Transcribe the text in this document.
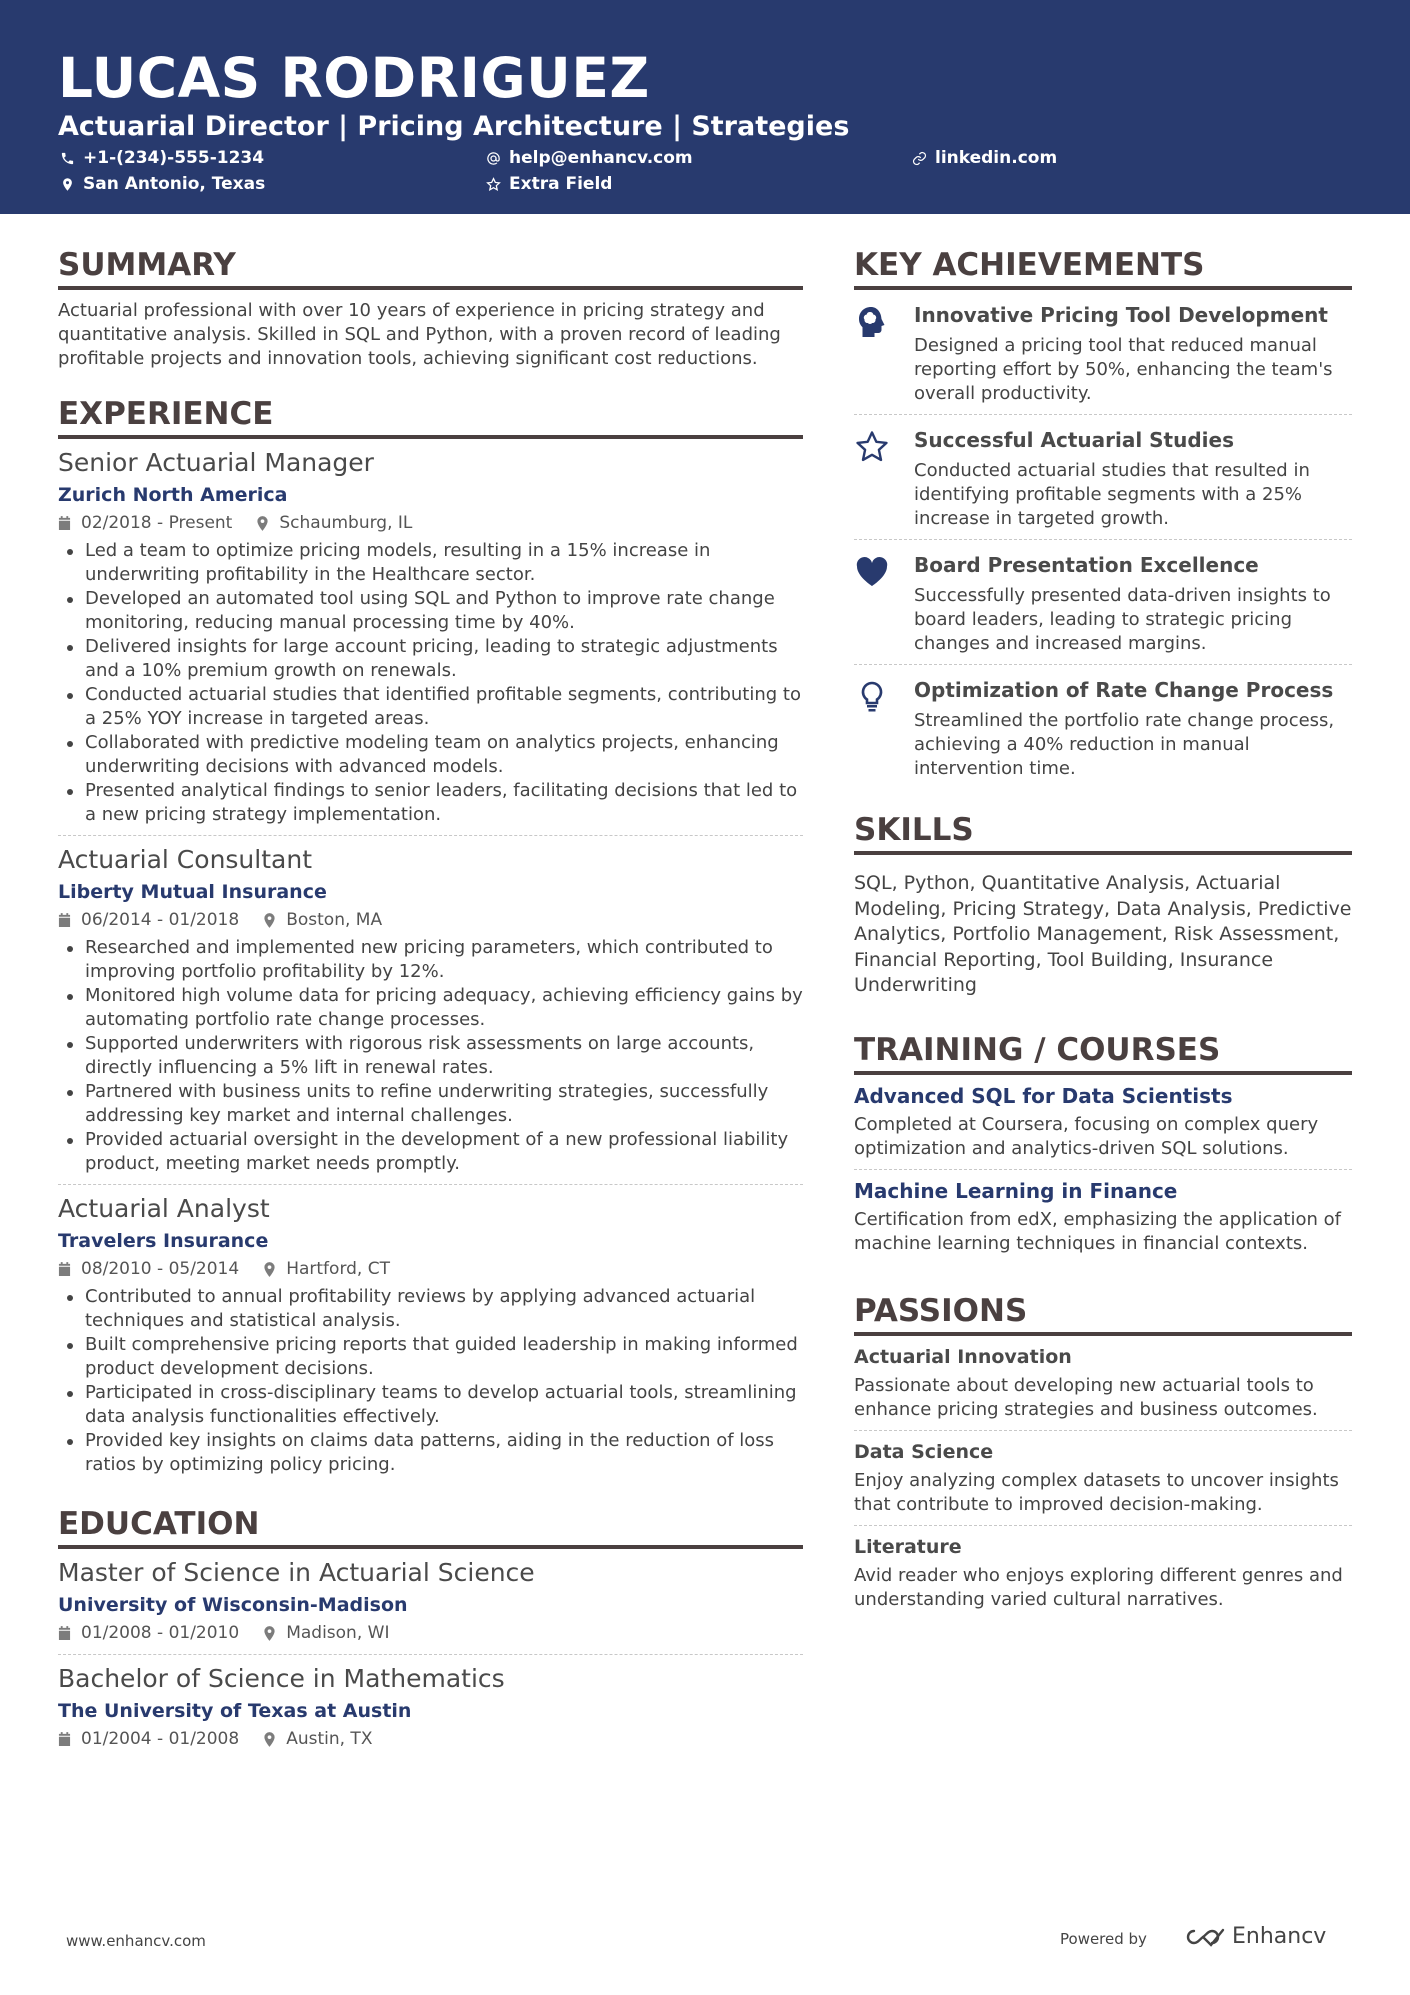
LUCAS RODRIGUEZ
Actuarial Director | Pricing Architecture | Strategies
+1-(234)-555-1234	help@enhancv.com	linkedin.com
San Antonio, Texas	Extra Field
SUMMARY
Actuarial professional with over 10 years of experience in pricing strategy and quantitative analysis. Skilled in SQL and Python, with a proven record of leading profitable projects and innovation tools, achieving significant cost reductions.
EXPERIENCE
Senior Actuarial Manager
Zurich North America
02/2018 - Present	Schaumburg, IL
Led a team to optimize pricing models, resulting in a 15% increase in underwriting profitability in the Healthcare sector.
Developed an automated tool using SQL and Python to improve rate change monitoring, reducing manual processing time by 40%.
Delivered insights for large account pricing, leading to strategic adjustments and a 10% premium growth on renewals.
Conducted actuarial studies that identified profitable segments, contributing to a 25% YOY increase in targeted areas.
Collaborated with predictive modeling team on analytics projects, enhancing underwriting decisions with advanced models.
Presented analytical findings to senior leaders, facilitating decisions that led to a new pricing strategy implementation.
Actuarial Consultant
Liberty Mutual Insurance
06/2014 - 01/2018	Boston, MA
Researched and implemented new pricing parameters, which contributed to improving portfolio profitability by 12%.
Monitored high volume data for pricing adequacy, achieving efficiency gains by automating portfolio rate change processes.
Supported underwriters with rigorous risk assessments on large accounts, directly influencing a 5% lift in renewal rates.
Partnered with business units to refine underwriting strategies, successfully addressing key market and internal challenges.
Provided actuarial oversight in the development of a new professional liability product, meeting market needs promptly.
Actuarial Analyst
Travelers Insurance
08/2010 - 05/2014	Hartford, CT
Contributed to annual profitability reviews by applying advanced actuarial techniques and statistical analysis.
Built comprehensive pricing reports that guided leadership in making informed product development decisions.
Participated in cross-disciplinary teams to develop actuarial tools, streamlining data analysis functionalities effectively.
Provided key insights on claims data patterns, aiding in the reduction of loss ratios by optimizing policy pricing.
EDUCATION
Master of Science in Actuarial Science
University of Wisconsin-Madison
01/2008 - 01/2010	Madison, WI
Bachelor of Science in Mathematics
The University of Texas at Austin
01/2004 - 01/2008	Austin, TX
KEY ACHIEVEMENTS
Innovative Pricing Tool Development
Designed a pricing tool that reduced manual reporting effort by 50%, enhancing the team's overall productivity.
Successful Actuarial Studies
Conducted actuarial studies that resulted in identifying profitable segments with a 25% increase in targeted growth.
Board Presentation Excellence
Successfully presented data-driven insights to board leaders, leading to strategic pricing changes and increased margins.
Optimization of Rate Change Process
Streamlined the portfolio rate change process, achieving a 40% reduction in manual intervention time.
SKILLS
SQL, Python, Quantitative Analysis, Actuarial Modeling, Pricing Strategy, Data Analysis, Predictive Analytics, Portfolio Management, Risk Assessment, Financial Reporting, Tool Building, Insurance Underwriting
TRAINING / COURSES
Advanced SQL for Data Scientists
Completed at Coursera, focusing on complex query optimization and analytics-driven SQL solutions.
Machine Learning in Finance
Certification from edX, emphasizing the application of machine learning techniques in financial contexts.
PASSIONS
Actuarial Innovation
Passionate about developing new actuarial tools to enhance pricing strategies and business outcomes.
Data Science
Enjoy analyzing complex datasets to uncover insights that contribute to improved decision-making.
Literature
Avid reader who enjoys exploring different genres and understanding varied cultural narratives.
www.enhancv.com	Powered by	Enhancv
